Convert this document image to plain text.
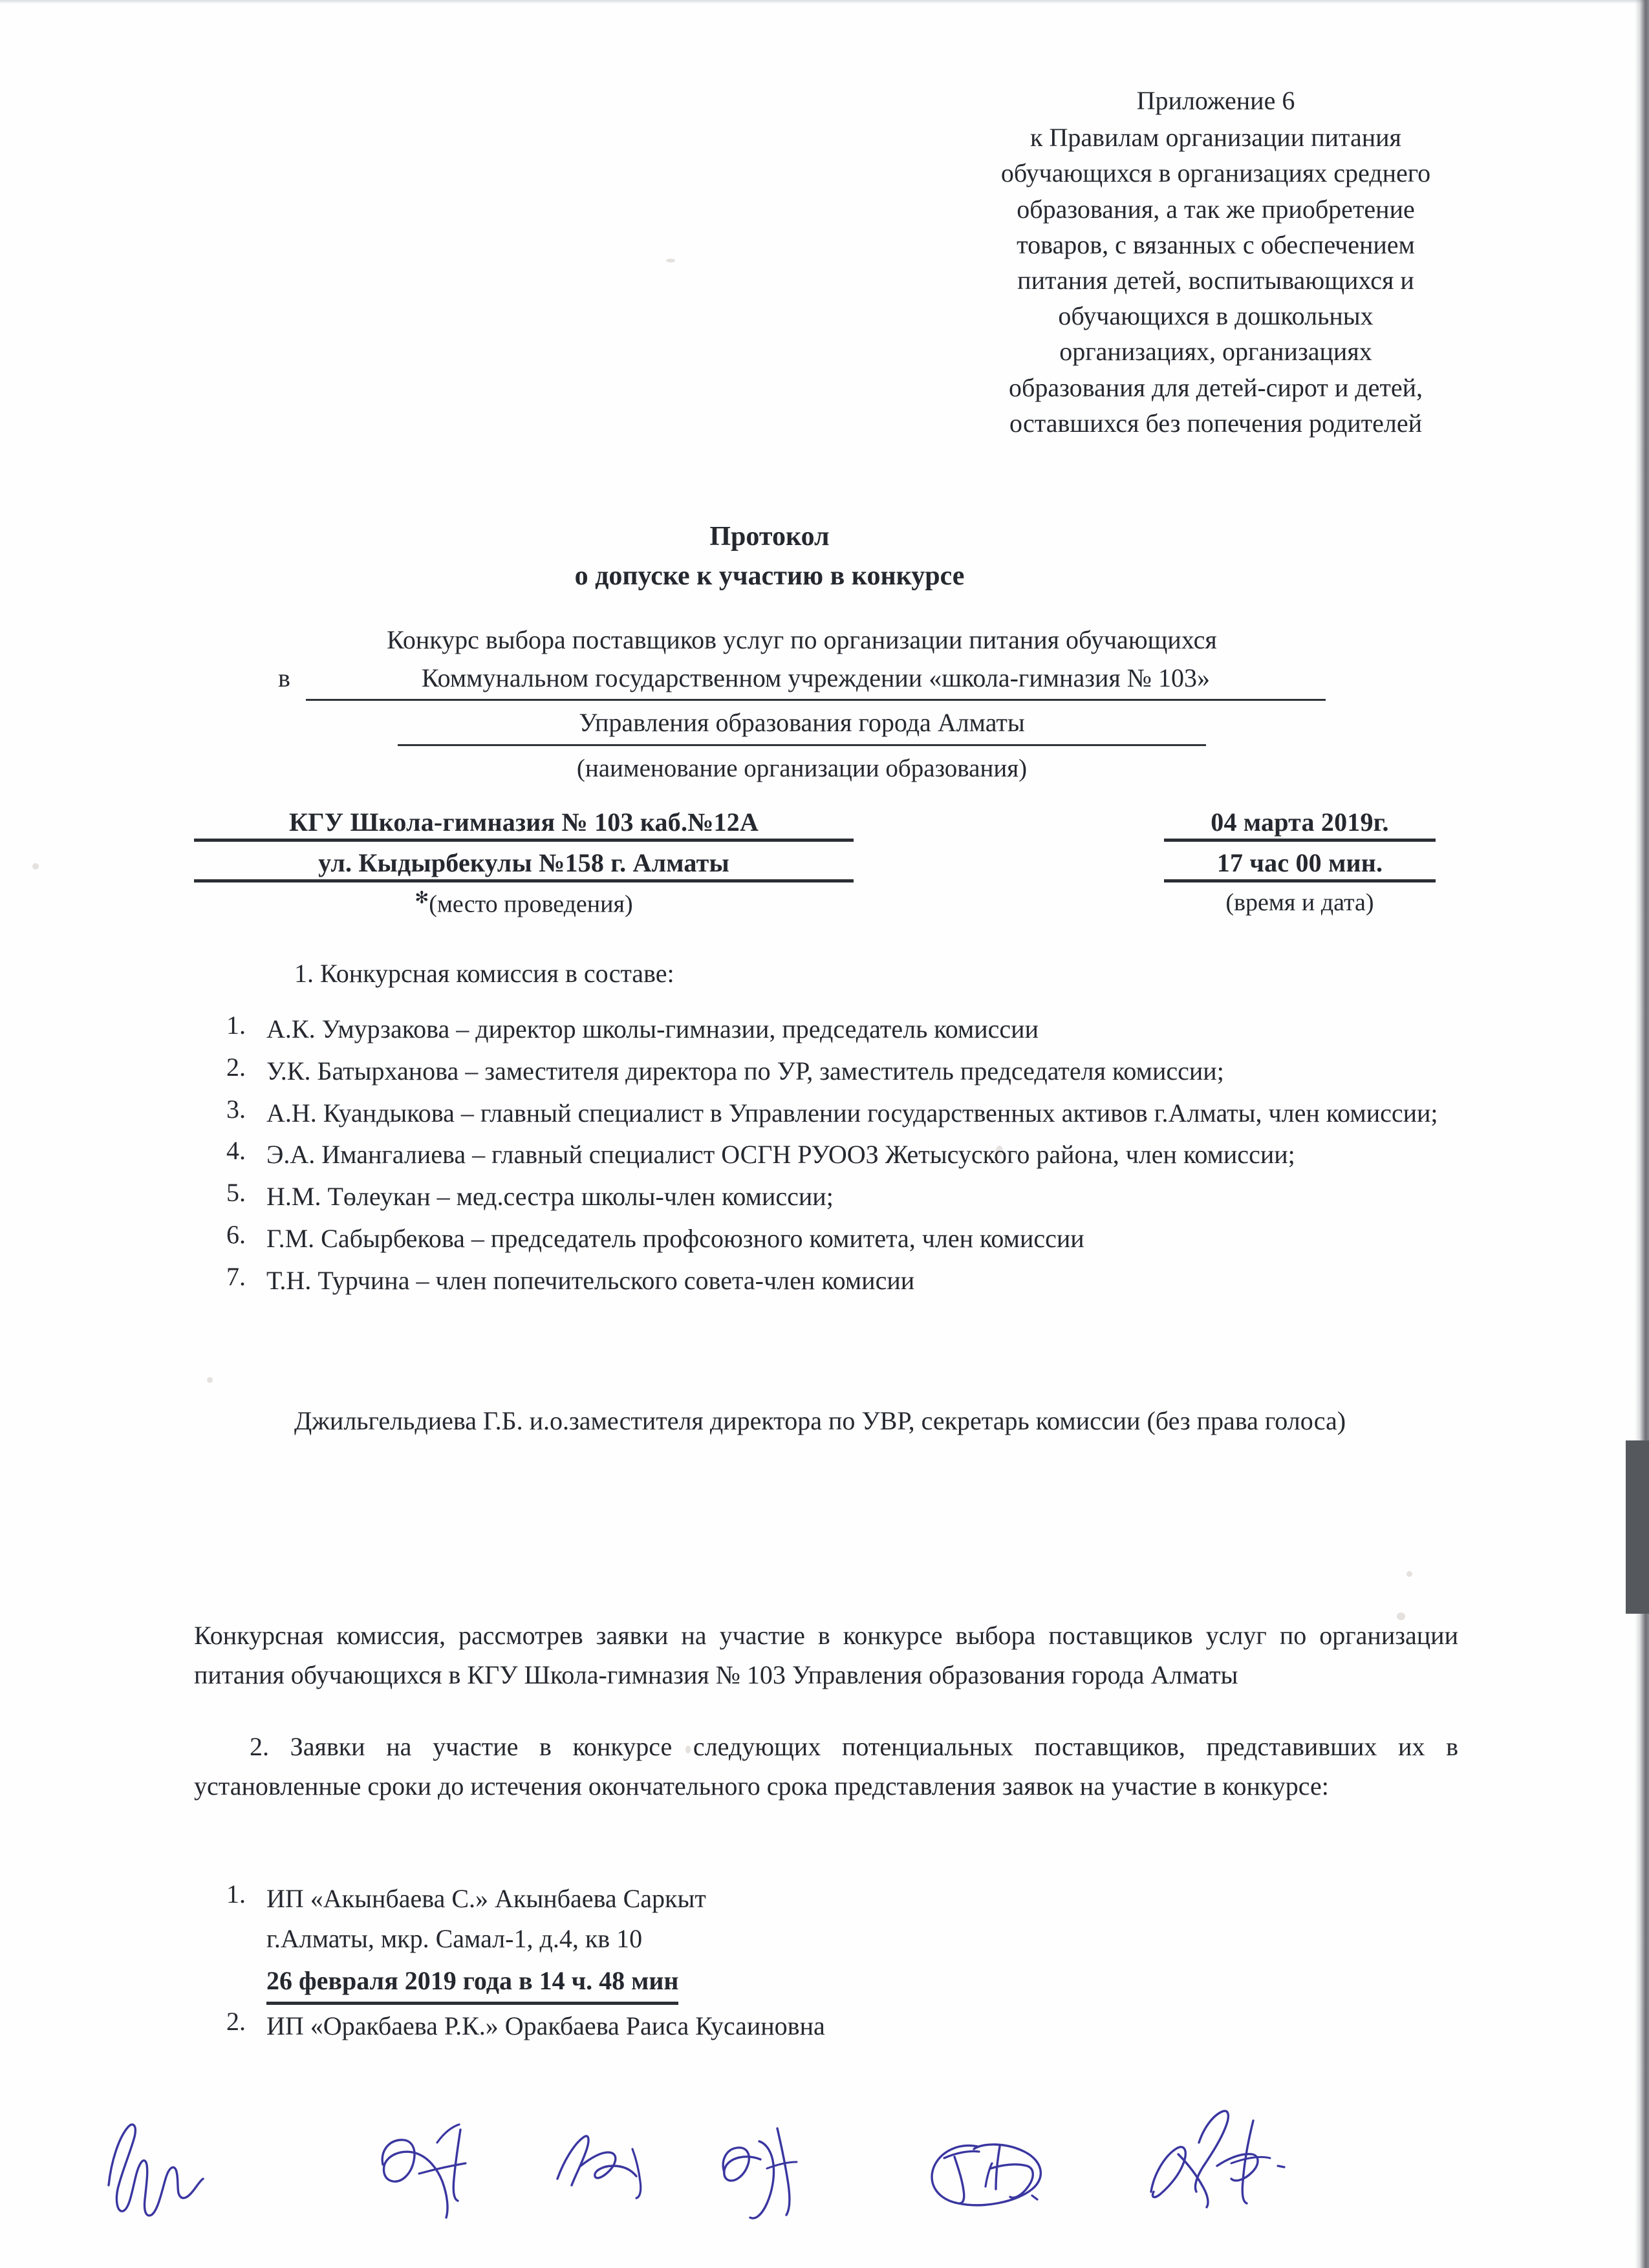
Приложение 6
к Правилам организации питания
обучающихся в организациях среднего
образования, а так же приобретение
товаров, с вязанных с обеспечением
питания детей, воспитывающихся и
обучающихся в дошкольных
организациях, организациях
образования для детей-сирот и детей,
оставшихся без попечения родителей
Протокол
о допуске к участию в конкурсе
Конкурс выбора поставщиков услуг по организации питания обучающихся
в	Коммунальном государственном учреждении «школа-гимназия № 103»
Управления образования города Алматы
(наименование организации образования)
КГУ Школа-гимназия № 103 каб.№12А
ул. Кыдырбекулы №158 г. Алматы
✻(место проведения)
04 марта 2019г.
17 час 00 мин.
(время и дата)
1. Конкурсная комиссия в составе:
1. А.К. Умурзакова – директор школы-гимназии, председатель комиссии
2. У.К. Батырханова – заместителя директора по УР, заместитель председателя комиссии;
3. А.Н. Куандыкова – главный специалист в Управлении государственных активов г.Алматы, член комиссии;
4. Э.А. Имангалиева – главный специалист ОСГН РУООЗ Жетысуского района, член комиссии;
5. Н.М. Төлеукан – мед.сестра школы-член комиссии;
6. Г.М. Сабырбекова – председатель профсоюзного комитета, член комиссии
7. Т.Н. Турчина – член попечительского совета-член комисии
Джильгельдиева Г.Б. и.о.заместителя директора по УВР, секретарь комиссии (без права голоса)
Конкурсная комиссия, рассмотрев заявки на участие в конкурсе выбора поставщиков услуг по организации питания обучающихся в КГУ Школа-гимназия № 103 Управления образования города Алматы
2. Заявки на участие в конкурсе следующих потенциальных поставщиков, представивших их в установленные сроки до истечения окончательного срока представления заявок на участие в конкурсе:
1. ИП «Акынбаева С.» Акынбаева Саркыт
г.Алматы, мкр. Самал-1, д.4, кв 10
26 февраля 2019 года в 14 ч. 48 мин
2. ИП «Оракбаева Р.К.» Оракбаева Раиса Кусаиновна
